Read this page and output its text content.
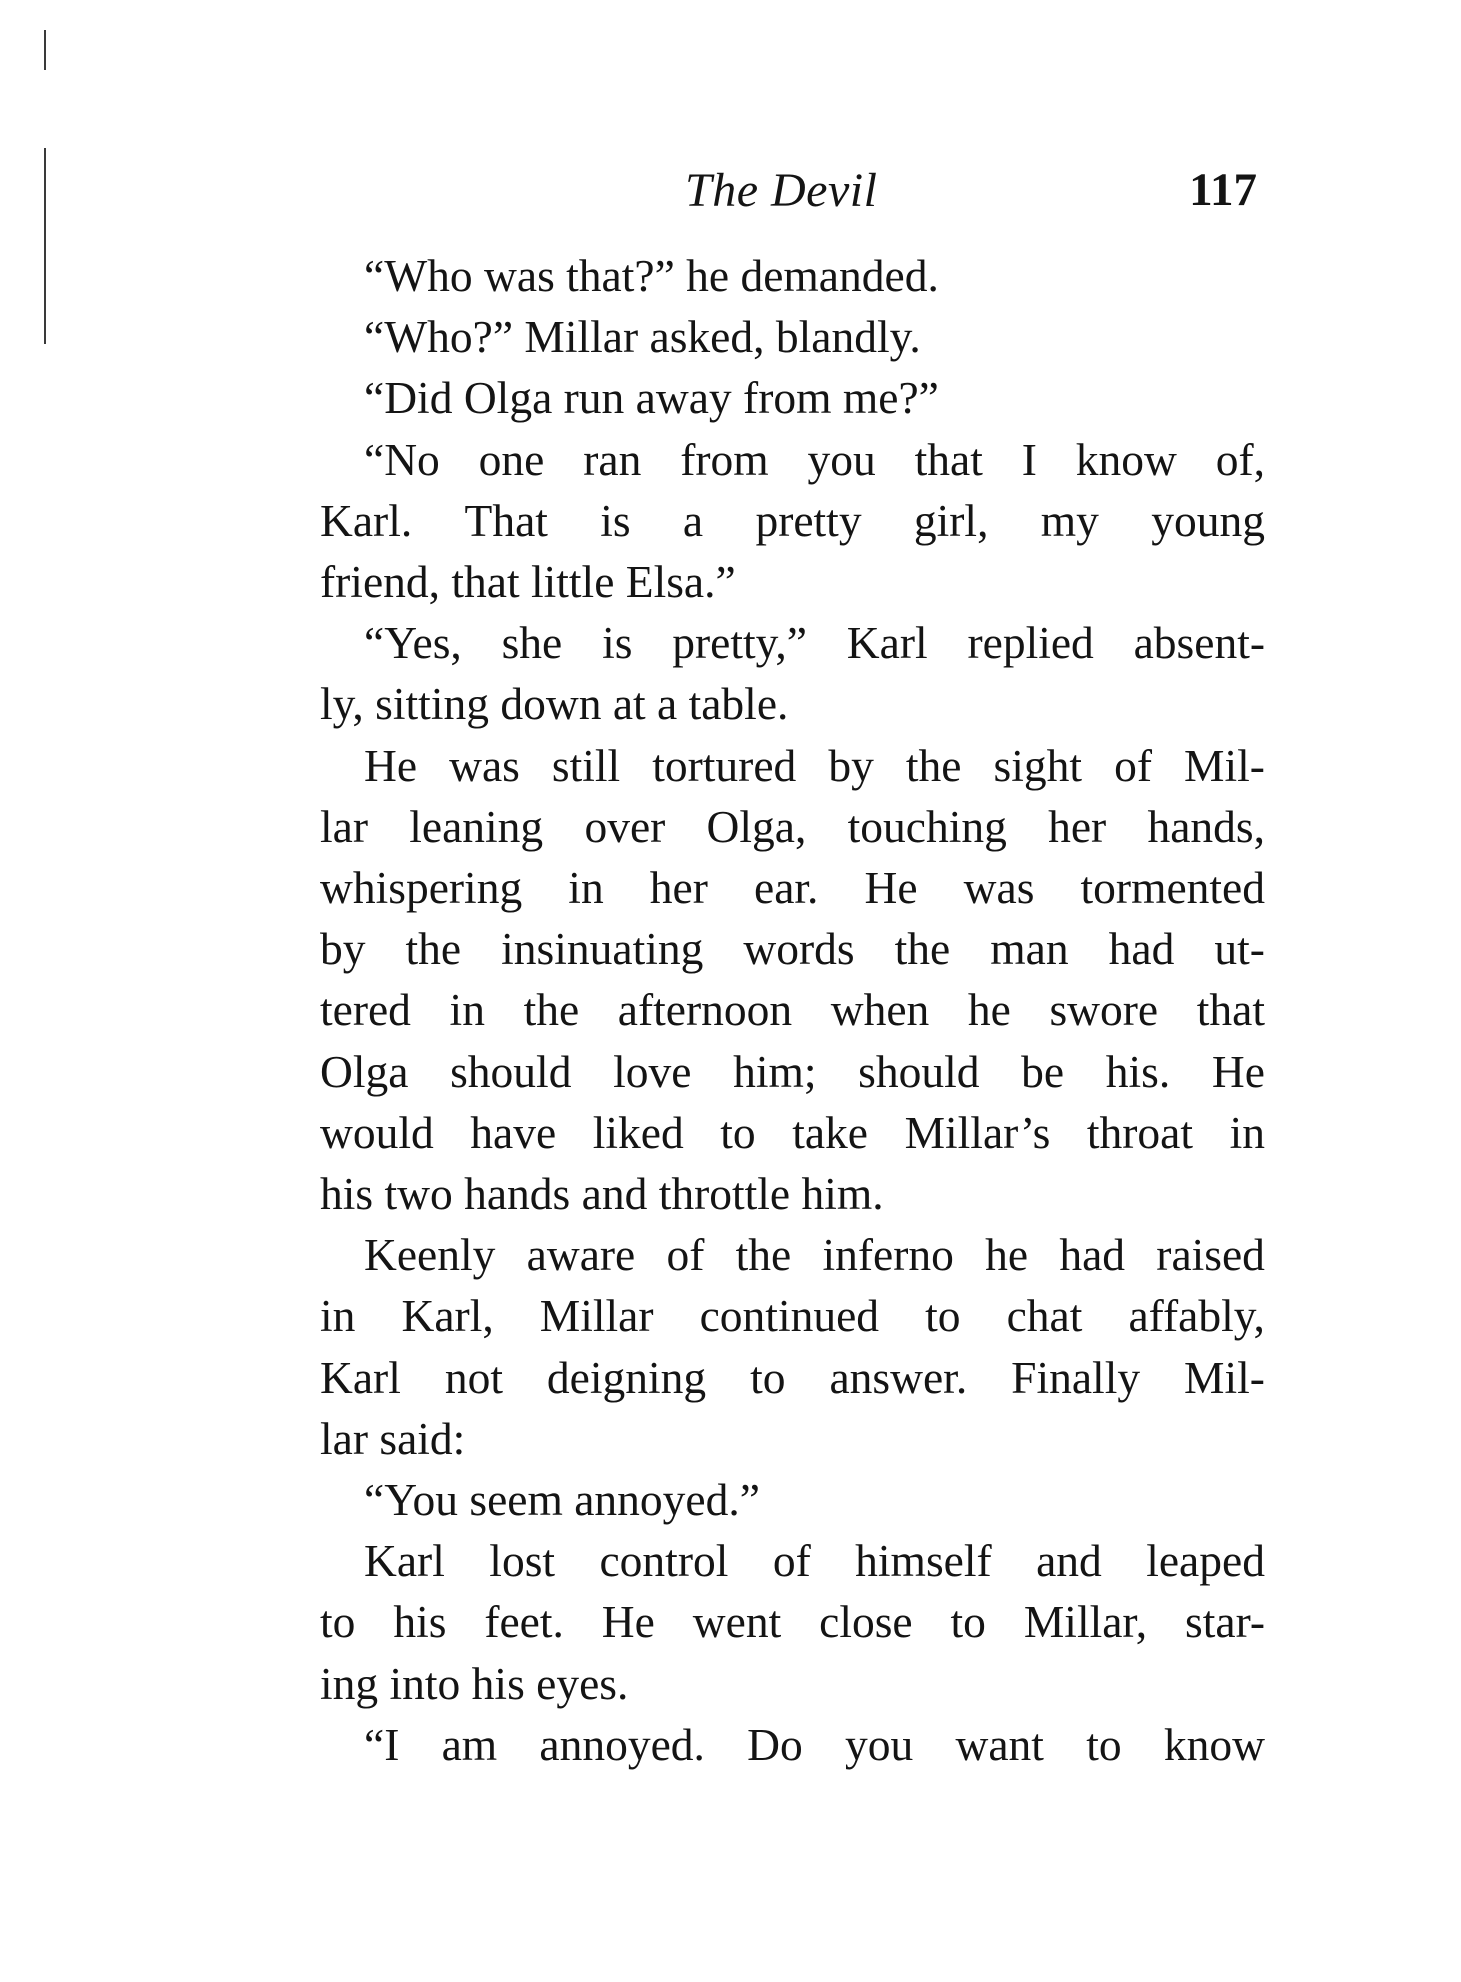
The Devil	117
“Who was that?” he demanded.
“Who?” Millar asked, blandly.
“Did Olga run away from me?”
“No one ran from you that I know of,
Karl. That is a pretty girl, my young
friend, that little Elsa.”
“Yes, she is pretty,” Karl replied absent-
ly, sitting down at a table.
He was still tortured by the sight of Mil-
lar leaning over Olga, touching her hands,
whispering in her ear. He was tormented
by the insinuating words the man had ut-
tered in the afternoon when he swore that
Olga should love him; should be his. He
would have liked to take Millar’s throat in
his two hands and throttle him.
Keenly aware of the inferno he had raised
in Karl, Millar continued to chat affably,
Karl not deigning to answer. Finally Mil-
lar said:
“You seem annoyed.”
Karl lost control of himself and leaped
to his feet. He went close to Millar, star-
ing into his eyes.
“I am annoyed. Do you want to know
